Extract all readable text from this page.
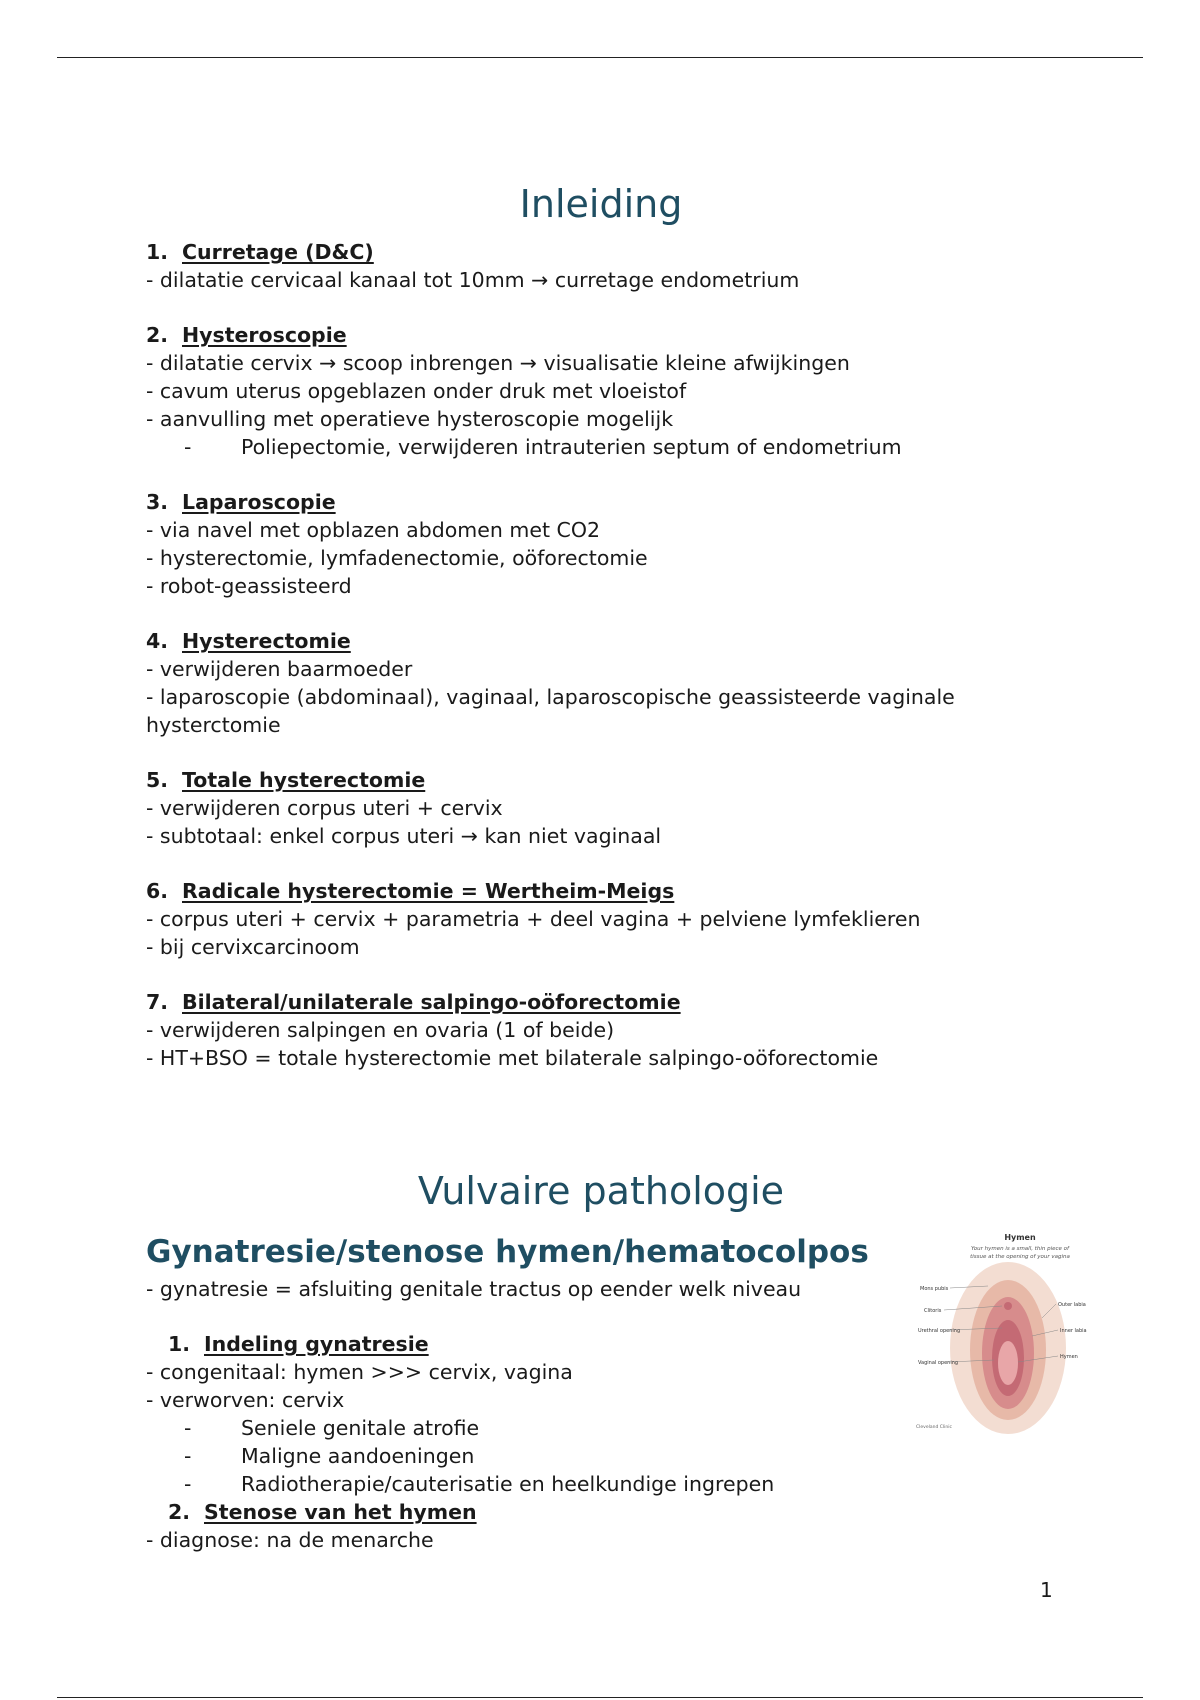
Inleiding
1. Curretage (D&C)
- dilatatie cervicaal kanaal tot 10mm → curretage endometrium
2. Hysteroscopie
- dilatatie cervix → scoop inbrengen → visualisatie kleine afwijkingen
- cavum uterus opgeblazen onder druk met vloeistof
- aanvulling met operatieve hysteroscopie mogelijk
- Poliepectomie, verwijderen intrauterien septum of endometrium
3. Laparoscopie
- via navel met opblazen abdomen met CO2
- hysterectomie, lymfadenectomie, oöforectomie
- robot-geassisteerd
4. Hysterectomie
- verwijderen baarmoeder
- laparoscopie (abdominaal), vaginaal, laparoscopische geassisteerde vaginale
hysterctomie
5. Totale hysterectomie
- verwijderen corpus uteri + cervix
- subtotaal: enkel corpus uteri → kan niet vaginaal
6. Radicale hysterectomie = Wertheim-Meigs
- corpus uteri + cervix + parametria + deel vagina + pelviene lymfeklieren
- bij cervixcarcinoom
7. Bilateral/unilaterale salpingo-oöforectomie
- verwijderen salpingen en ovaria (1 of beide)
- HT+BSO = totale hysterectomie met bilaterale salpingo-oöforectomie
Vulvaire pathologie
Gynatresie/stenose hymen/hematocolpos
- gynatresie = afsluiting genitale tractus op eender welk niveau
1. Indeling gynatresie
- congenitaal: hymen >>> cervix, vagina
- verworven: cervix
- Seniele genitale atrofie
- Maligne aandoeningen
- Radiotherapie/cauterisatie en heelkundige ingrepen
2. Stenose van het hymen
- diagnose: na de menarche
Hymen
Your hymen is a small, thin piece of
tissue at the opening of your vagina
Mons pubis
Clitoris
Urethral opening
Vaginal opening
Outer labia
Inner labia
Hymen
Cleveland Clinic
1
